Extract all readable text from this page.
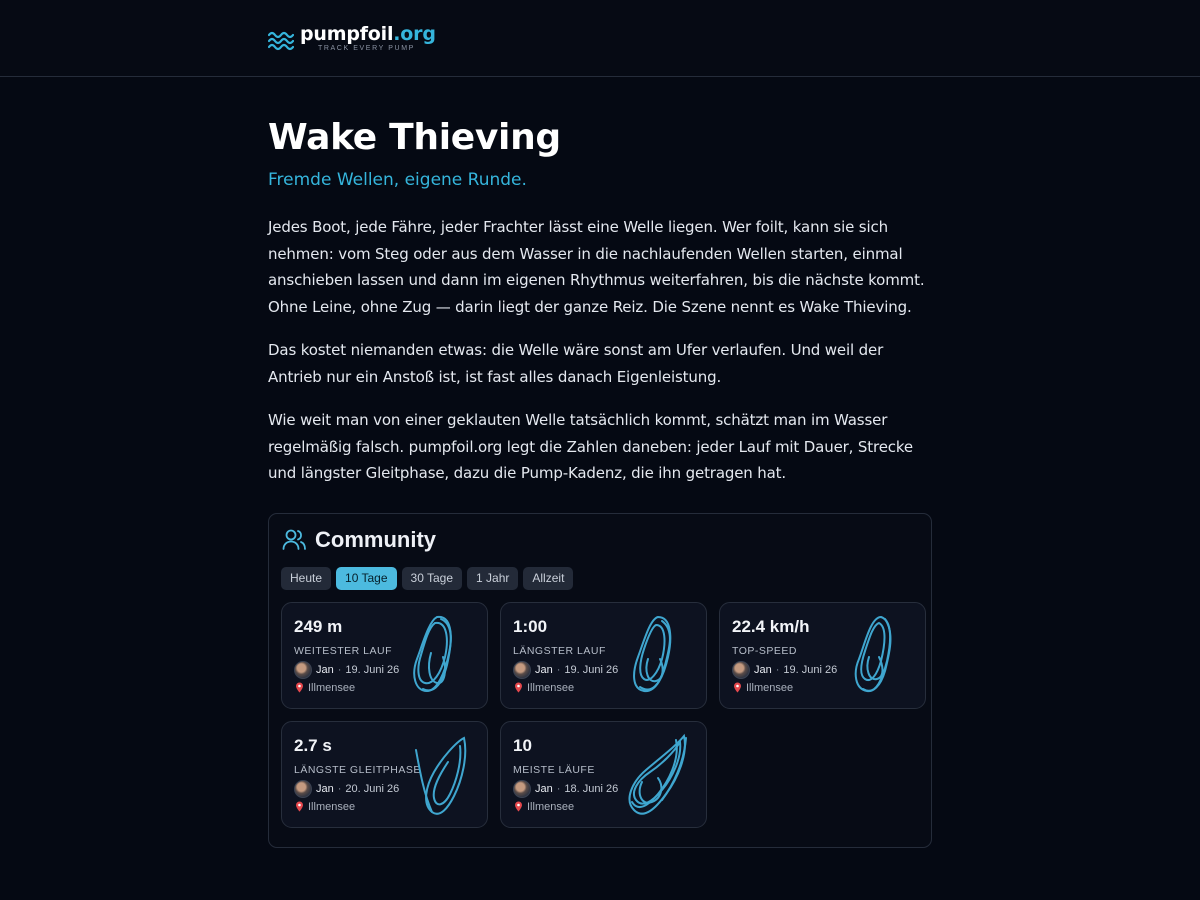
pumpfoil.org
TRACK EVERY PUMP
Wake Thieving

Fremde Wellen, eigene Runde.

Jedes Boot, jede Fähre, jeder Frachter lässt eine Welle liegen. Wer foilt, kann sie sich nehmen: vom Steg oder aus dem Wasser in die nachlaufenden Wellen starten, einmal anschieben lassen und dann im eigenen Rhythmus weiterfahren, bis die nächste kommt. Ohne Leine, ohne Zug — darin liegt der ganze Reiz. Die Szene nennt es Wake Thieving.

Das kostet niemanden etwas: die Welle wäre sonst am Ufer verlaufen. Und weil der Antrieb nur ein Anstoß ist, ist fast alles danach Eigenleistung.

Wie weit man von einer geklauten Welle tatsächlich kommt, schätzt man im Wasser regelmäßig falsch. pumpfoil.org legt die Zahlen daneben: jeder Lauf mit Dauer, Strecke und längster Gleitphase, dazu die Pump-Kadenz, die ihn getragen hat.

Community
Heute	10 Tage	30 Tage	1 Jahr	Allzeit
249 m
WEITESTER LAUF
Jan · 19. Juni 26
Illmensee
1:00
LÄNGSTER LAUF
Jan · 19. Juni 26
Illmensee
22.4 km/h
TOP-SPEED
Jan · 19. Juni 26
Illmensee
2.7 s
LÄNGSTE GLEITPHASE
Jan · 20. Juni 26
Illmensee
10
MEISTE LÄUFE
Jan · 18. Juni 26
Illmensee
